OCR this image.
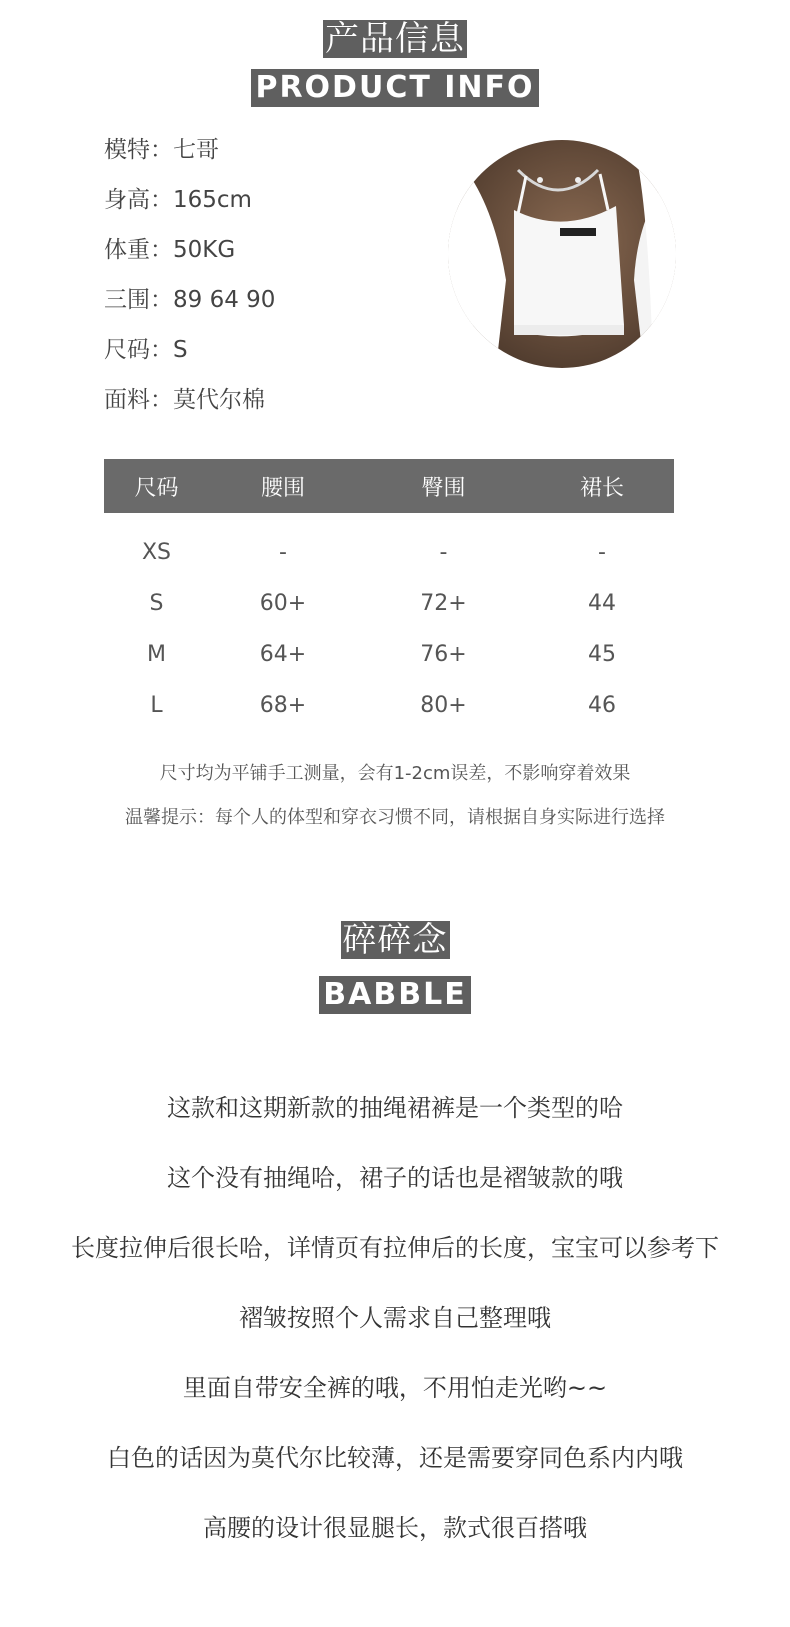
产品信息
PRODUCT INFO
模特：七哥
身高：165cm
体重：50KG
三围：89 64 90
尺码：S
面料：莫代尔棉
尺码	腰围	臀围	裙长
XS	-	-	-
S	60+	72+	44
M	64+	76+	45
L	68+	80+	46
尺寸均为平铺手工测量，会有1-2cm误差，不影响穿着效果
温馨提示：每个人的体型和穿衣习惯不同，请根据自身实际进行选择
碎碎念
BABBLE
这款和这期新款的抽绳裙裤是一个类型的哈
这个没有抽绳哈，裙子的话也是褶皱款的哦
长度拉伸后很长哈，详情页有拉伸后的长度，宝宝可以参考下
褶皱按照个人需求自己整理哦
里面自带安全裤的哦，不用怕走光哟~~
白色的话因为莫代尔比较薄，还是需要穿同色系内内哦
高腰的设计很显腿长，款式很百搭哦
